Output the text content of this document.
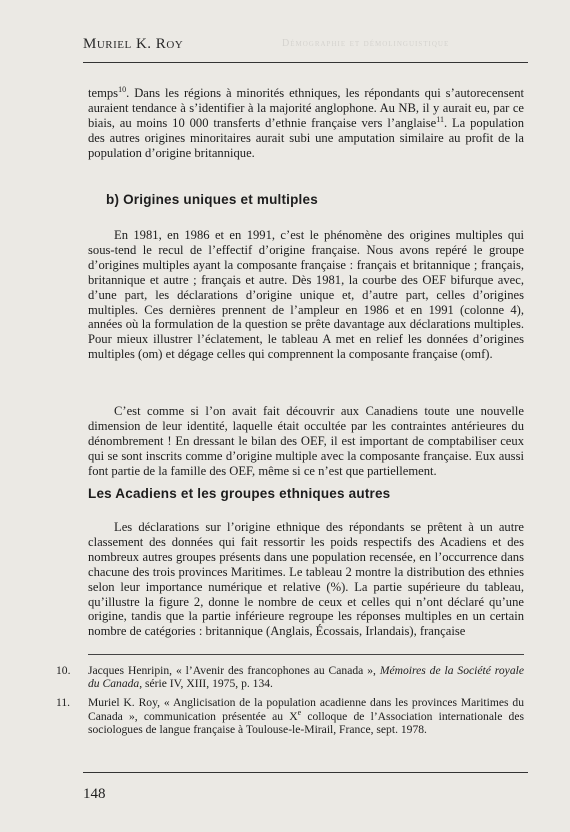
Démographie et démolinguistique
Muriel K. Roy

temps$^{10}$. Dans les régions à minorités ethniques, les répondants qui s’autorecensent auraient tendance à s’identifier à la majorité anglophone. Au NB, il y aurait eu, par ce biais, au moins 10 000 transferts d’ethnie française vers l’anglaise$^{11}$. La population des autres origines minoritaires aurait subi une amputation similaire au profit de la population d’origine britannique.

b) Origines uniques et multiples

En 1981, en 1986 et en 1991, c’est le phénomène des origines multiples qui sous-tend le recul de l’effectif d’origine française. Nous avons repéré le groupe d’origines multiples ayant la composante française : français et britannique ; français, britannique et autre ; français et autre. Dès 1981, la courbe des OEF bifurque avec, d’une part, les déclarations d’origine unique et, d’autre part, celles d’origines multiples. Ces dernières prennent de l’ampleur en 1986 et en 1991 (colonne 4), années où la formulation de la question se prête davantage aux déclarations multiples. Pour mieux illustrer l’éclatement, le tableau A met en relief les données d’origines multiples (om) et dégage celles qui comprennent la composante française (omf).

C’est comme si l’on avait fait découvrir aux Canadiens toute une nouvelle dimension de leur identité, laquelle était occultée par les contraintes antérieures du dénombrement ! En dressant le bilan des OEF, il est important de comptabiliser ceux qui se sont inscrits comme d’origine multiple avec la composante française. Eux aussi font partie de la famille des OEF, même si ce n’est que partiellement.

Les Acadiens et les groupes ethniques autres

Les déclarations sur l’origine ethnique des répondants se prêtent à un autre classement des données qui fait ressortir les poids respectifs des Acadiens et des nombreux autres groupes présents dans une population recensée, en l’occurrence dans chacune des trois provinces Maritimes. Le tableau 2 montre la distribution des ethnies selon leur importance numérique et relative (%). La partie supérieure du tableau, qu’illustre la figure 2, donne le nombre de ceux et celles qui n’ont déclaré qu’une origine, tandis que la partie inférieure regroupe les réponses multiples en un certain nombre de catégories : britannique (Anglais, Écossais, Irlandais), française

10.	Jacques Henripin, « l’Avenir des francophones au Canada », Mémoires de la Société royale du Canada, série IV, XIII, 1975, p. 134.
11.	Muriel K. Roy, « Anglicisation de la population acadienne dans les provinces Maritimes du Canada », communication présentée au Xe colloque de l’Association internationale des sociologues de langue française à Toulouse-le-Mirail, France, sept. 1978.
148
